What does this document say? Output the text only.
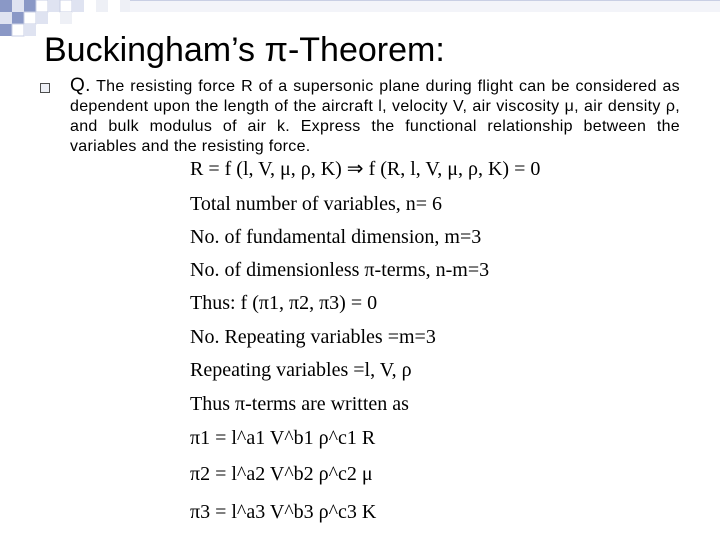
Buckingham’s π-Theorem:
Q. The resisting force R of a supersonic plane during flight can be considered as dependent upon the length of the aircraft l, velocity V, air viscosity μ, air density ρ, and bulk modulus of air k. Express the functional relationship between the variables and the resisting force.
R = f (l, V, μ, ρ, K) ⇒ f (R, l, V, μ, ρ, K) = 0
Total number of variables, n= 6
No. of fundamental dimension, m=3
No. of dimensionless π-terms, n-m=3
Thus: f (π1, π2, π3) = 0
No. Repeating variables =m=3
Repeating variables =l, V, ρ
Thus π-terms are written as
π1 = l^a1 V^b1 ρ^c1 R
π2 = l^a2 V^b2 ρ^c2 μ
π3 = l^a3 V^b3 ρ^c3 K
